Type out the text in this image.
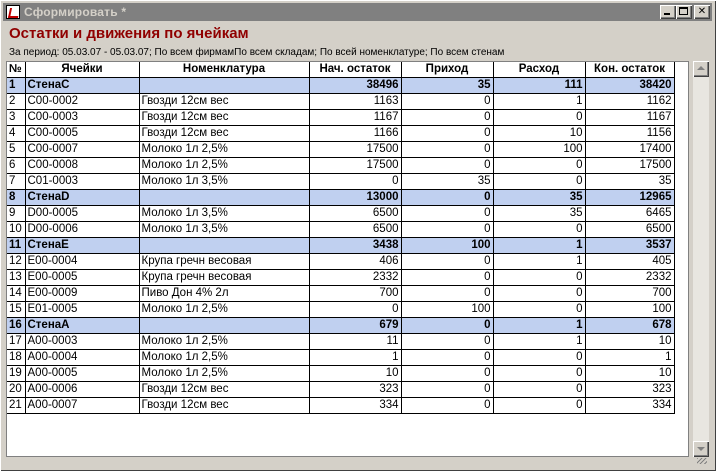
Сформировать *	✕
Остатки и движения по ячейкам
За период: 05.03.07 - 05.03.07; По всем фирмамПо всем складам; По всей номенклатуре; По всем стенам
№	Ячейки	Номенклатура	Нач. остаток	Приход	Расход	Кон. остаток
1	СтенаС		38496	35	111	38420
2	C00-0002	Гвозди 12см вес	1163	0	1	1162
3	C00-0003	Гвозди 12см вес	1167	0	0	1167
4	C00-0005	Гвозди 12см вес	1166	0	10	1156
5	C00-0007	Молоко 1л 2,5%	17500	0	100	17400
6	C00-0008	Молоко 1л 2,5%	17500	0	0	17500
7	C01-0003	Молоко 1л 3,5%	0	35	0	35
8	СтенаD		13000	0	35	12965
9	D00-0005	Молоко 1л 3,5%	6500	0	35	6465
10	D00-0006	Молоко 1л 3,5%	6500	0	0	6500
11	СтенаE		3438	100	1	3537
12	E00-0004	Крупа гречн весовая	406	0	1	405
13	E00-0005	Крупа гречн весовая	2332	0	0	2332
14	E00-0009	Пиво Дон 4% 2л	700	0	0	700
15	E01-0005	Молоко 1л 2,5%	0	100	0	100
16	СтенаA		679	0	1	678
17	A00-0003	Молоко 1л 2,5%	11	0	1	10
18	A00-0004	Молоко 1л 2,5%	1	0	0	1
19	A00-0005	Молоко 1л 2,5%	10	0	0	10
20	A00-0006	Гвозди 12см вес	323	0	0	323
21	A00-0007	Гвозди 12см вес	334	0	0	334
